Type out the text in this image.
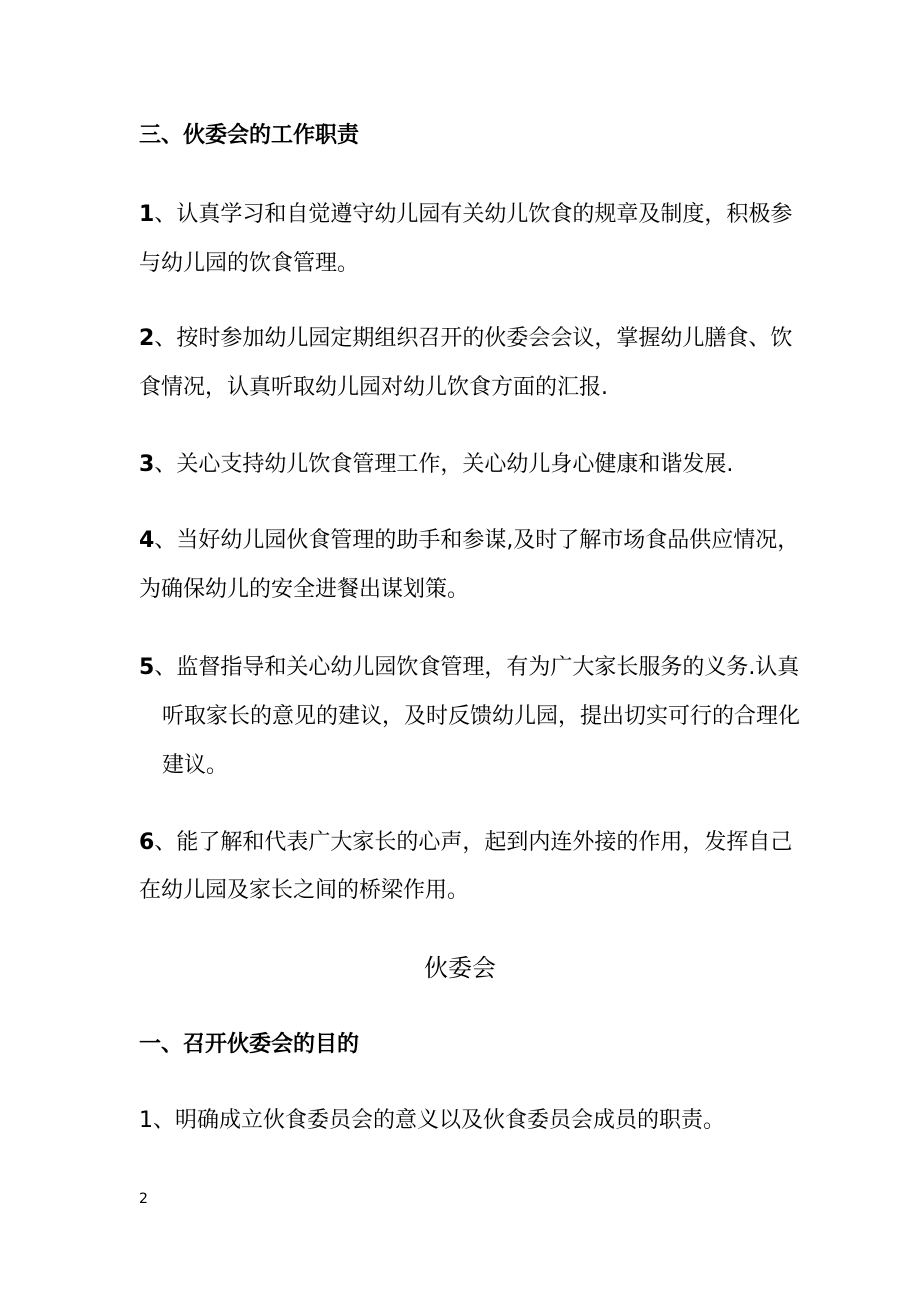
三、伙委会的工作职责
1、认真学习和自觉遵守幼儿园有关幼儿饮食的规章及制度，积极参
与幼儿园的饮食管理。
2、按时参加幼儿园定期组织召开的伙委会会议，掌握幼儿膳食、饮
食情况，认真听取幼儿园对幼儿饮食方面的汇报.
3、关心支持幼儿饮食管理工作，关心幼儿身心健康和谐发展.
4、当好幼儿园伙食管理的助手和参谋,及时了解市场食品供应情况，
为确保幼儿的安全进餐出谋划策。
5、监督指导和关心幼儿园饮食管理，有为广大家长服务的义务.认真
听取家长的意见的建议，及时反馈幼儿园，提出切实可行的合理化
建议。
6、能了解和代表广大家长的心声，起到内连外接的作用，发挥自己
在幼儿园及家长之间的桥梁作用。
伙委会
一、召开伙委会的目的
1、明确成立伙食委员会的意义以及伙食委员会成员的职责。
2
